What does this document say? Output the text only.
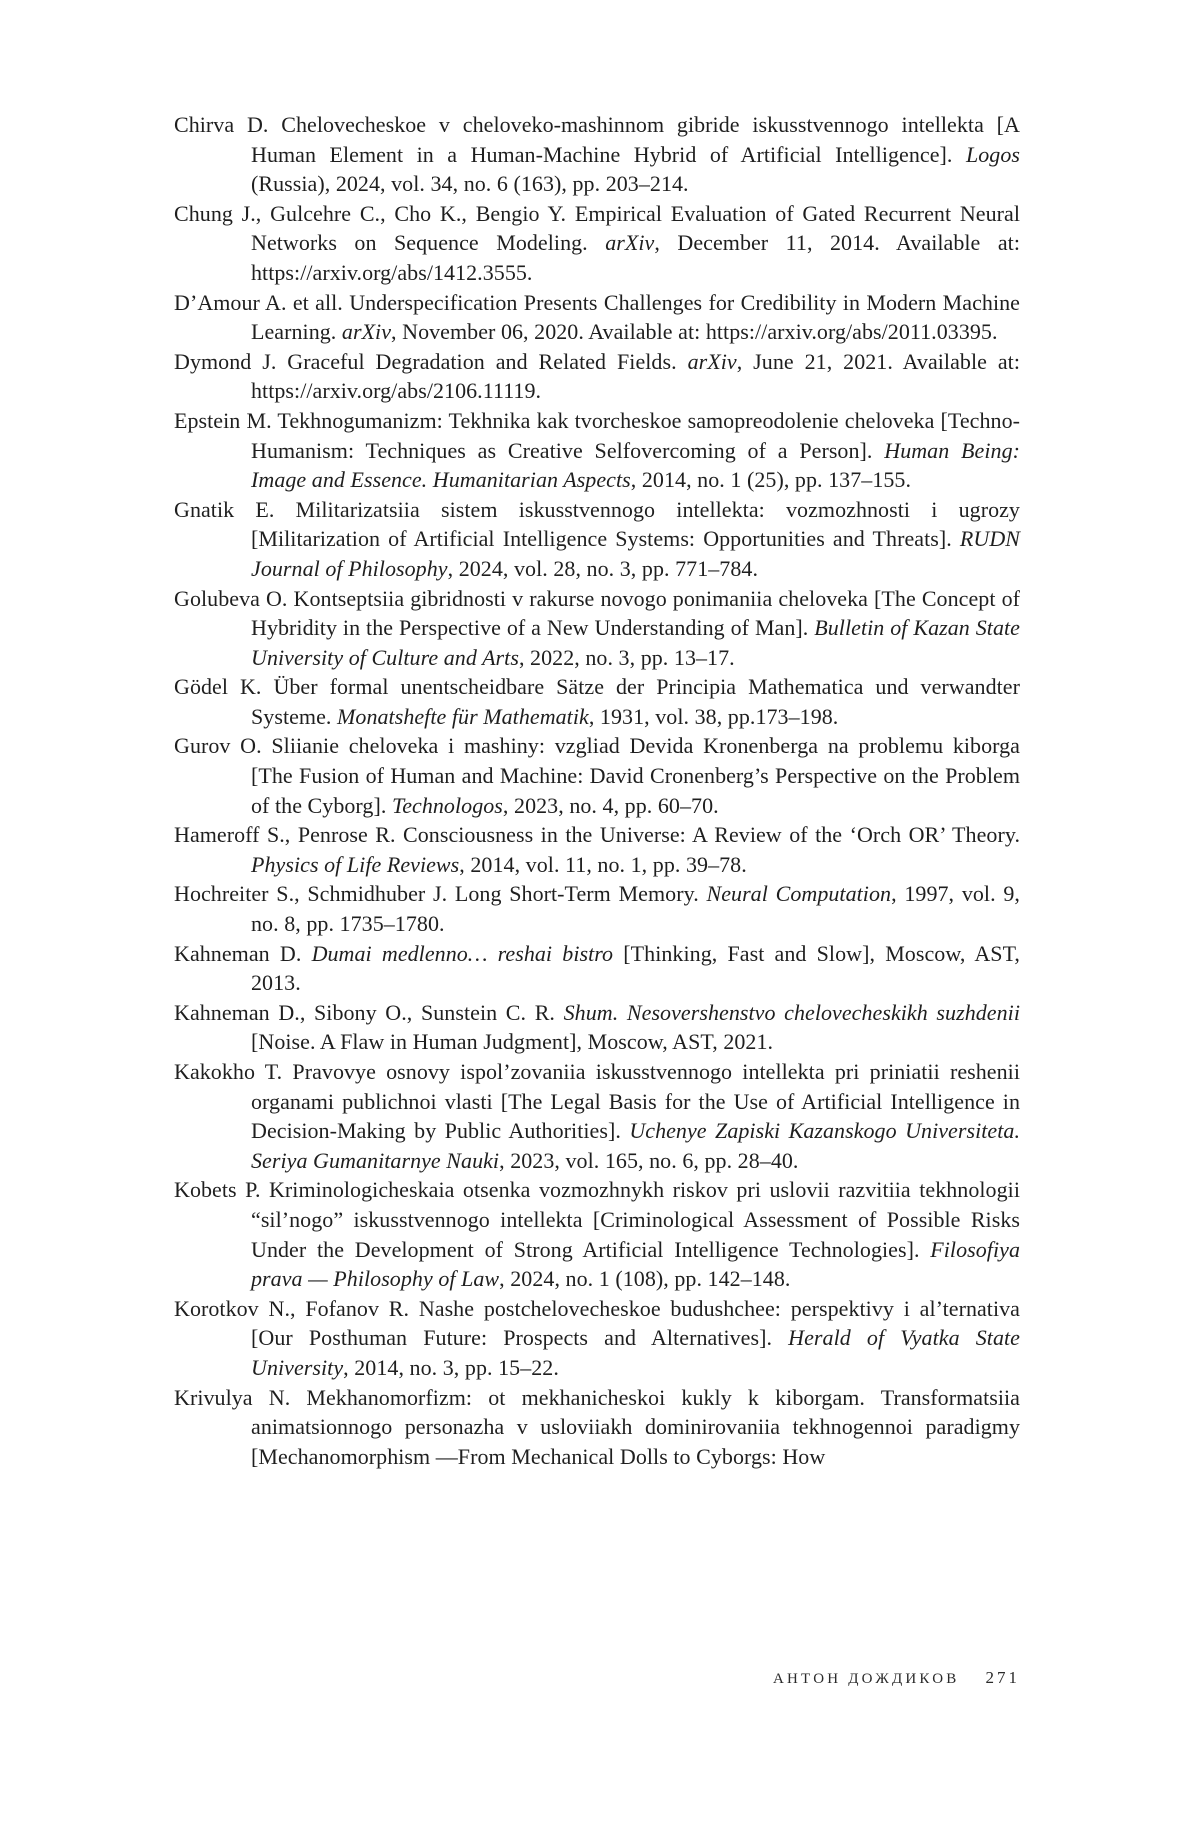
Chirva D. Chelovecheskoe v cheloveko-mashinnom gibride iskusstvennogo intellekta [A Human Element in a Human-Machine Hybrid of Artificial Intelligence]. Logos (Russia), 2024, vol. 34, no. 6 (163), pp. 203–214.

Chung J., Gulcehre C., Cho K., Bengio Y. Empirical Evaluation of Gated Recurrent Neural Networks on Sequence Modeling. arXiv, December 11, 2014. Available at: https://arxiv.org/abs/1412.3555.

D’Amour A. et all. Underspecification Presents Challenges for Credibility in Modern Machine Learning. arXiv, November 06, 2020. Available at: https://arxiv.org/abs/2011.03395.

Dymond J. Graceful Degradation and Related Fields. arXiv, June 21, 2021. Available at: https://arxiv.org/abs/2106.11119.

Epstein M. Tekhnogumanizm: Tekhnika kak tvorcheskoe samopreodolenie cheloveka [Techno-Humanism: Techniques as Creative Selfovercoming of a Person]. Human Being: Image and Essence. Humanitarian Aspects, 2014, no. 1 (25), pp. 137–155.

Gnatik E. Militarizatsiia sistem iskusstvennogo intellekta: vozmozhnosti i ugrozy [Militarization of Artificial Intelligence Systems: Opportunities and Threats]. RUDN Journal of Philosophy, 2024, vol. 28, no. 3, pp. 771–784.

Golubeva O. Kontseptsiia gibridnosti v rakurse novogo ponimaniia cheloveka [The Concept of Hybridity in the Perspective of a New Understanding of Man]. Bulletin of Kazan State University of Culture and Arts, 2022, no. 3, pp. 13–17.

Gödel K. Über formal unentscheidbare Sätze der Principia Mathematica und verwandter Systeme. Monatshefte für Mathematik, 1931, vol. 38, pp.173–198.

Gurov O. Sliianie cheloveka i mashiny: vzgliad Devida Kronenberga na problemu kiborga [The Fusion of Human and Machine: David Cronenberg’s Perspective on the Problem of the Cyborg]. Technologos, 2023, no. 4, pp. 60–70.

Hameroff S., Penrose R. Consciousness in the Universe: A Review of the ‘Orch OR’ Theory. Physics of Life Reviews, 2014, vol. 11, no. 1, pp. 39–78.

Hochreiter S., Schmidhuber J. Long Short-Term Memory. Neural Computation, 1997, vol. 9, no. 8, pp. 1735–1780.

Kahneman D. Dumai medlenno… reshai bistro [Thinking, Fast and Slow], Moscow, AST, 2013.

Kahneman D., Sibony O., Sunstein C. R. Shum. Nesovershenstvo chelovecheskikh suzhdenii [Noise. A Flaw in Human Judgment], Moscow, AST, 2021.

Kakokho T. Pravovye osnovy ispol’zovaniia iskusstvennogo intellekta pri priniatii reshenii organami publichnoi vlasti [The Legal Basis for the Use of Artificial Intelligence in Decision-Making by Public Authorities]. Uchenye Zapiski Kazanskogo Universiteta. Seriya Gumanitarnye Nauki, 2023, vol. 165, no. 6, pp. 28–40.

Kobets P. Kriminologicheskaia otsenka vozmozhnykh riskov pri uslovii razvitiia tekhnologii “sil’nogo” iskusstvennogo intellekta [Criminological Assessment of Possible Risks Under the Development of Strong Artificial Intelligence Technologies]. Filosofiya prava — Philosophy of Law, 2024, no. 1 (108), pp. 142–148.

Korotkov N., Fofanov R. Nashe postchelovecheskoe budushchee: perspektivy i al’ternativa [Our Posthuman Future: Prospects and Alternatives]. Herald of Vyatka State University, 2014, no. 3, pp. 15–22.

Krivulya N. Mekhanomorfizm: ot mekhanicheskoi kukly k kiborgam. Transformatsiia animatsionnogo personazha v usloviiakh dominirovaniia tekhnogennoi paradigmy [Mechanomorphism —From Mechanical Dolls to Cyborgs: How

АНТОН ДОЖДИКОВ 271
